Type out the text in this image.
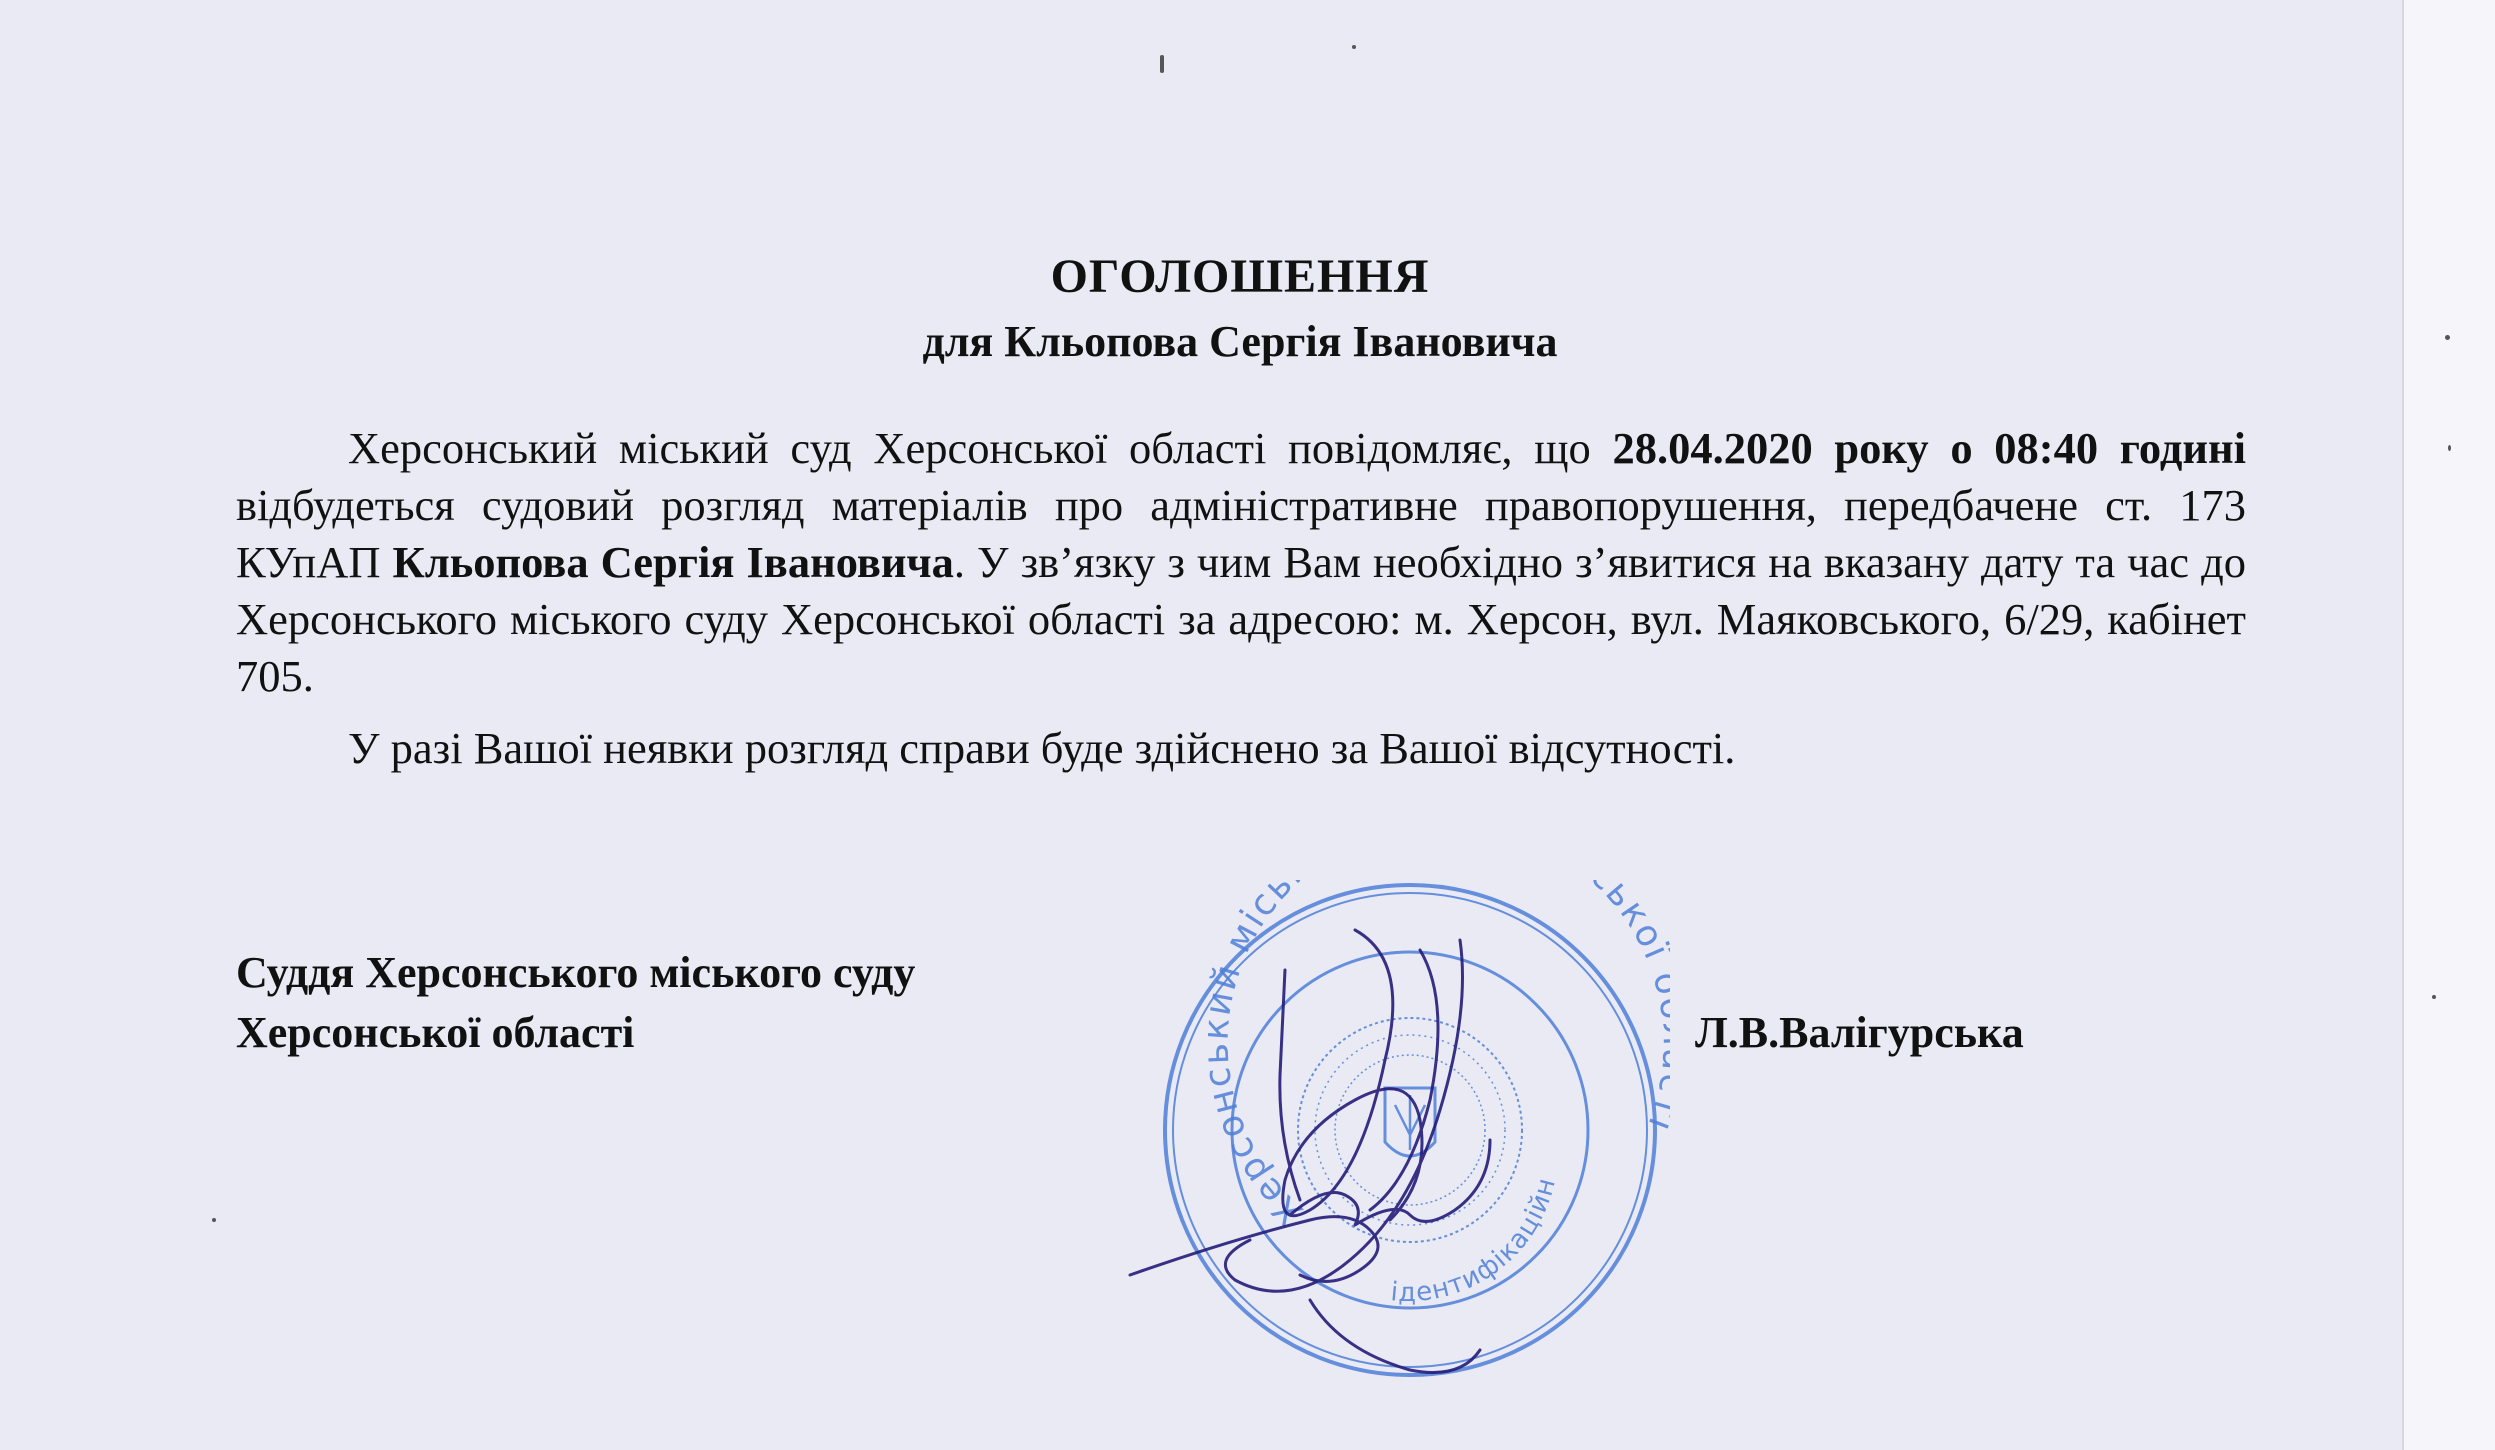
ОГОЛОШЕННЯ
для Кльопова Сергія Івановича

Херсонський міський суд Херсонської області повідомляє, що 28.04.2020 року о 08:40 годині відбудеться судовий розгляд матеріалів про адміністративне правопорушення, передбачене ст. 173 КУпАП Кльопова Сергія Івановича. У зв’язку з чим Вам необхідно з’явитися на вказану дату та час до Херсонського міського суду Херсонської області за адресою: м. Херсон, вул. Маяковського, 6/29, кабінет 705.

У разі Вашої неявки розгляд справи буде здійснено за Вашої відсутності.

Суддя Херсонського міського суду
Херсонської області	Л.В.Валігурська
Херсонський місь ько
ідентифікаційн
